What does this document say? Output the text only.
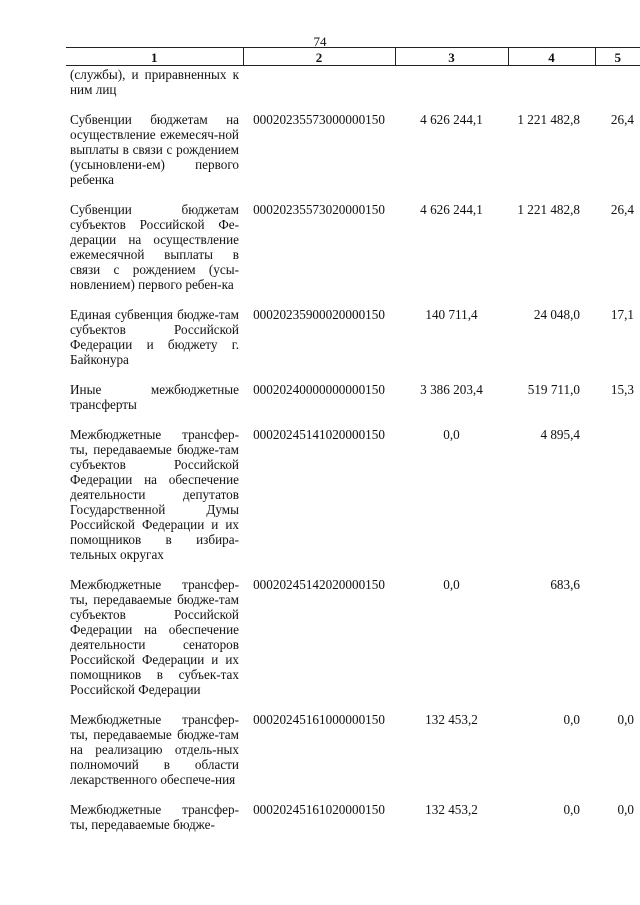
74
1	2	3	4	5
(службы), и приравненных к ним лиц				
Субвенции бюджетам на осуществление ежемесяч-ной выплаты в связи с рождением (усыновлени-ем) первого ребенка	00020235573000000150	4 626 244,1	1 221 482,8	26,4
Субвенции бюджетам субъектов Российской Фе-дерации на осуществление ежемесячной выплаты в связи с рождением (усы-новлением) первого ребен-ка	00020235573020000150	4 626 244,1	1 221 482,8	26,4
Единая субвенция бюдже-там субъектов Российской Федерации и бюджету г. Байконура	00020235900020000150	140 711,4	24 048,0	17,1
Иные межбюджетные трансферты	00020240000000000150	3 386 203,4	519 711,0	15,3
Межбюджетные трансфер-ты, передаваемые бюдже-там субъектов Российской Федерации на обеспечение деятельности депутатов Государственной Думы Российской Федерации и их помощников в избира-тельных округах	00020245141020000150	0,0	4 895,4	
Межбюджетные трансфер-ты, передаваемые бюдже-там субъектов Российской Федерации на обеспечение деятельности сенаторов Российской Федерации и их помощников в субъек-тах Российской Федерации	00020245142020000150	0,0	683,6	
Межбюджетные трансфер-ты, передаваемые бюдже-там на реализацию отдель-ных полномочий в области лекарственного обеспече-ния	00020245161000000150	132 453,2	0,0	0,0
Межбюджетные трансфер-ты, передаваемые бюдже-	00020245161020000150	132 453,2	0,0	0,0
